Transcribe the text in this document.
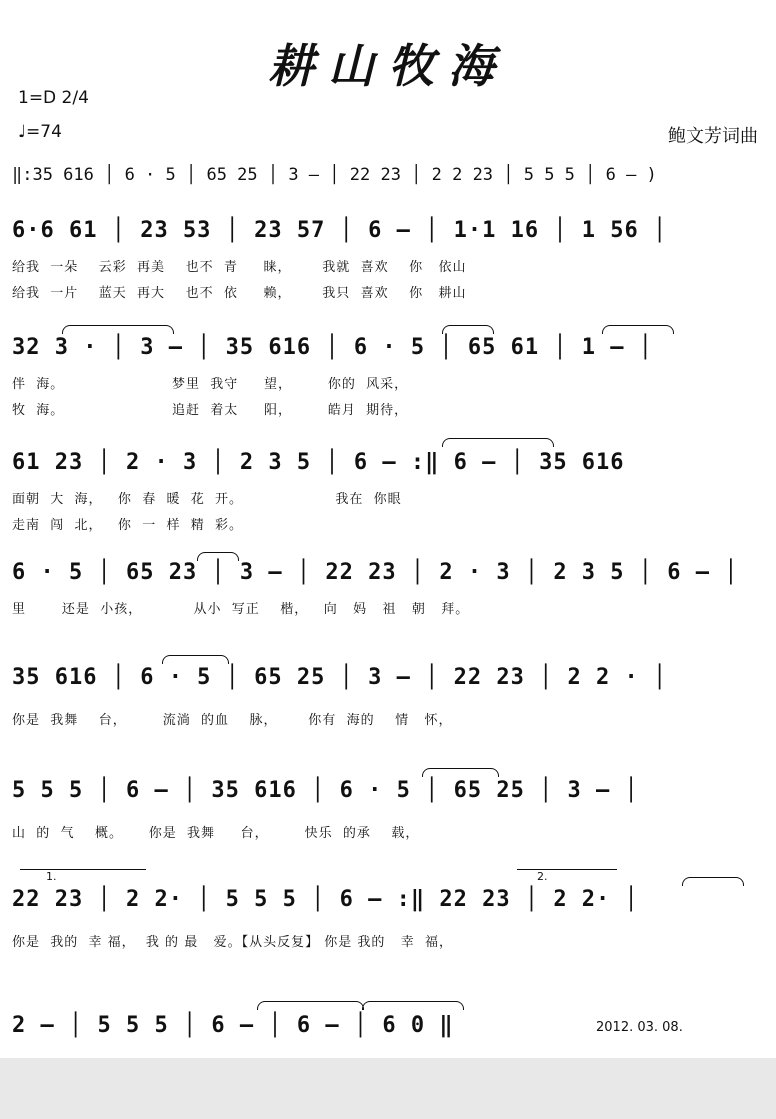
耕山牧海
1=D 2/4
♩=74	鲍文芳词曲
‖:35 616 │ 6 · 5 │ 65 25 │ 3 – │ 22 23 │ 2 2 23 │ 5 5 5 │ 6 – )
6·6 61 │ 23 53 │ 23 57 │ 6 – │ 1·1 16 │ 1 56 │
给我  一朵    云彩  再美    也不  青     睐，      我就  喜欢    你   依山
给我  一片    蓝天  再大    也不  依     赖，      我只  喜欢    你   耕山
32 3 · │ 3 – │ 35 616 │ 6 · 5 │ 65 61 │ 1 – │
伴  海。                     梦里  我守     望，       你的  风采，
牧  海。                     追赶  着太     阳，       皓月  期待，
61 23 │ 2 · 3 │ 2 3 5 │ 6 – :‖ 6 – │ 35 616
面朝  大  海，   你  春  暖  花  开。                  我在  你眼
走南  闯  北，   你  一  样  精  彩。
6 · 5 │ 65 23 │ 3 – │ 22 23 │ 2 · 3 │ 2 3 5 │ 6 – │
里       还是  小孩，          从小  写正    楷，   向   妈   祖   朝   拜。
35 616 │ 6 · 5 │ 65 25 │ 3 – │ 22 23 │ 2 2 · │
你是  我舞    台，       流淌  的血    脉，      你有  海的    情   怀，
5 5 5 │ 6 – │ 35 616 │ 6 · 5 │ 65 25 │ 3 – │
山  的  气    概。     你是  我舞     台，       快乐  的承    载，
1.	2.
22 23 │ 2 2· │ 5 5 5 │ 6 – :‖ 22 23 │ 2 2· │
你是  我的  幸 福，  我 的 最   爱。【从头反复】 你是 我的   幸  福，
2 – │ 5 5 5 │ 6 – │ 6 – │ 6 0 ‖	2012. 03. 08.
